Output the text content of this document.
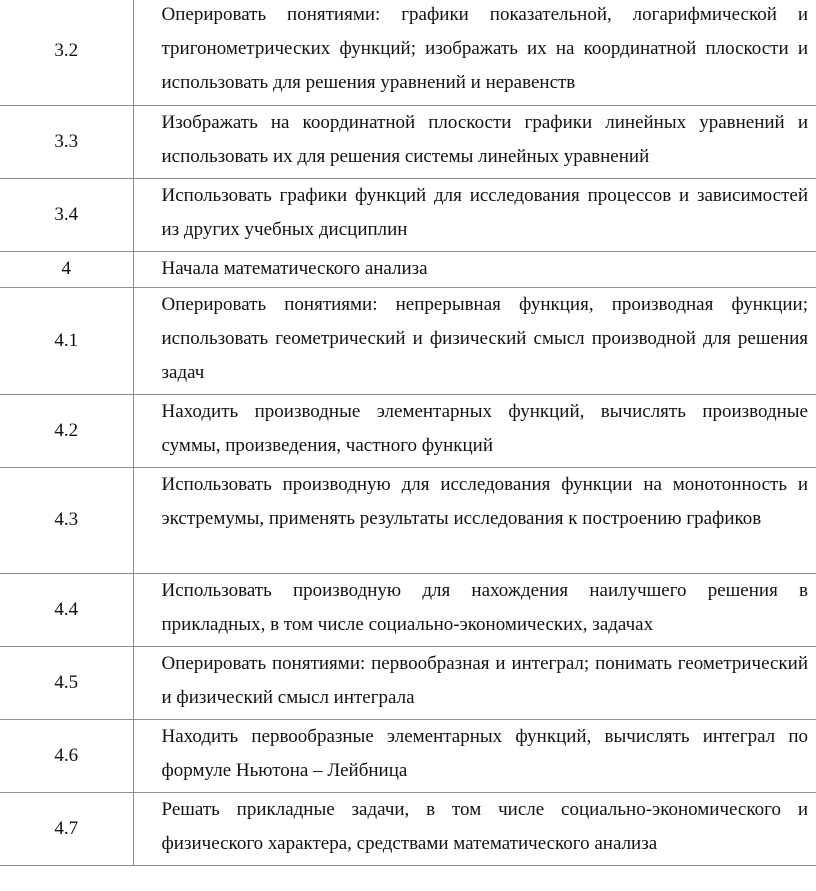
3.2	Оперировать понятиями: графики показательной, логарифмической и тригонометрических функций; изображать их на координатной плоскости и использовать для решения уравнений и неравенств
3.3	Изображать на координатной плоскости графики линейных уравнений и использовать их для решения системы линейных уравнений
3.4	Использовать графики функций для исследования процессов и зависимостей из других учебных дисциплин
4	Начала математического анализа
4.1	Оперировать понятиями: непрерывная функция, производная функции; использовать геометрический и физический смысл производной для решения задач
4.2	Находить производные элементарных функций, вычислять производные суммы, произведения, частного функций
4.3	Использовать производную для исследования функции на монотонность и экстремумы, применять результаты исследования к построению графиков
4.4	Использовать производную для нахождения наилучшего решения в прикладных, в том числе социально-экономических, задачах
4.5	Оперировать понятиями: первообразная и интеграл; понимать геометрический и физический смысл интеграла
4.6	Находить первообразные элементарных функций, вычислять интеграл по формуле Ньютона – Лейбница
4.7	Решать прикладные задачи, в том числе социально-экономического и физического характера, средствами математического анализа
